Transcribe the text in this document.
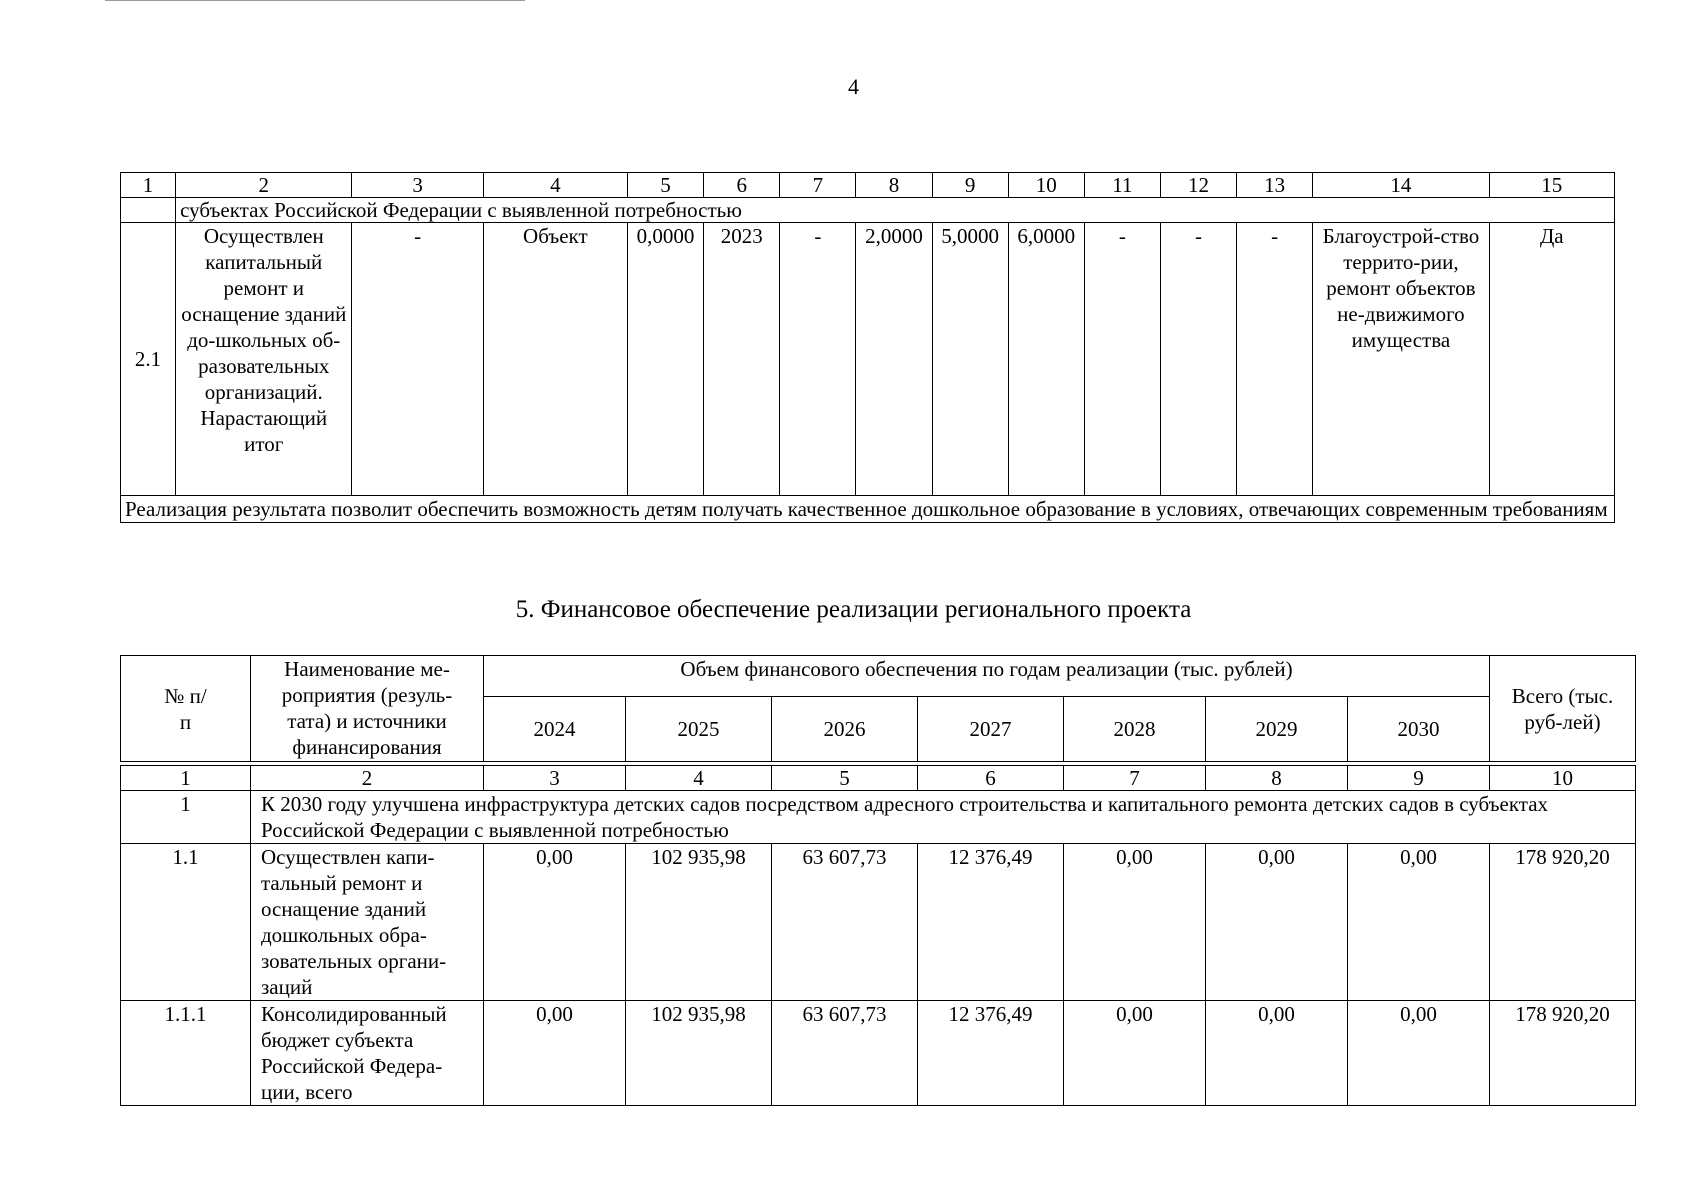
4
1	2	3	4	5	6	7	8	9	10	11	12	13	14	15
	субъектах Российской Федерации с выявленной потребностью													
2.1	Осуществлен капитальный ремонт и оснащение зданий до-школьных об-разовательных организаций. Нарастающий итог	-	Объект	0,0000	2023	-	2,0000	5,0000	6,0000	-	-	-	Благоустрой-ство террито-рии, ремонт объектов не-движимого имущества	Да
Реализация результата позволит обеспечить возможность детям получать качественное дошкольное образование в условиях, отвечающих современным требованиям														
5. Финансовое обеспечение реализации регионального проекта
№ п/п	Наименование ме-роприятия (резуль-тата) и источники финансирования	Объем финансового обеспечения по годам реализации (тыс. рублей)							Всего (тыс. руб-лей)
		2024	2025	2026	2027	2028	2029	2030	

1	2	3	4	5	6	7	8	9	10
1	К 2030 году улучшена инфраструктура детских садов посредством адресного строительства и капитального ремонта детских садов в субъектах Российской Федерации с выявленной потребностью								
1.1	Осуществлен капи-тальный ремонт и оснащение зданий дошкольных обра-зовательных органи-заций	0,00	102 935,98	63 607,73	12 376,49	0,00	0,00	0,00	178 920,20
1.1.1	Консолидированный бюджет субъекта Российской Федера-ции, всего	0,00	102 935,98	63 607,73	12 376,49	0,00	0,00	0,00	178 920,20
